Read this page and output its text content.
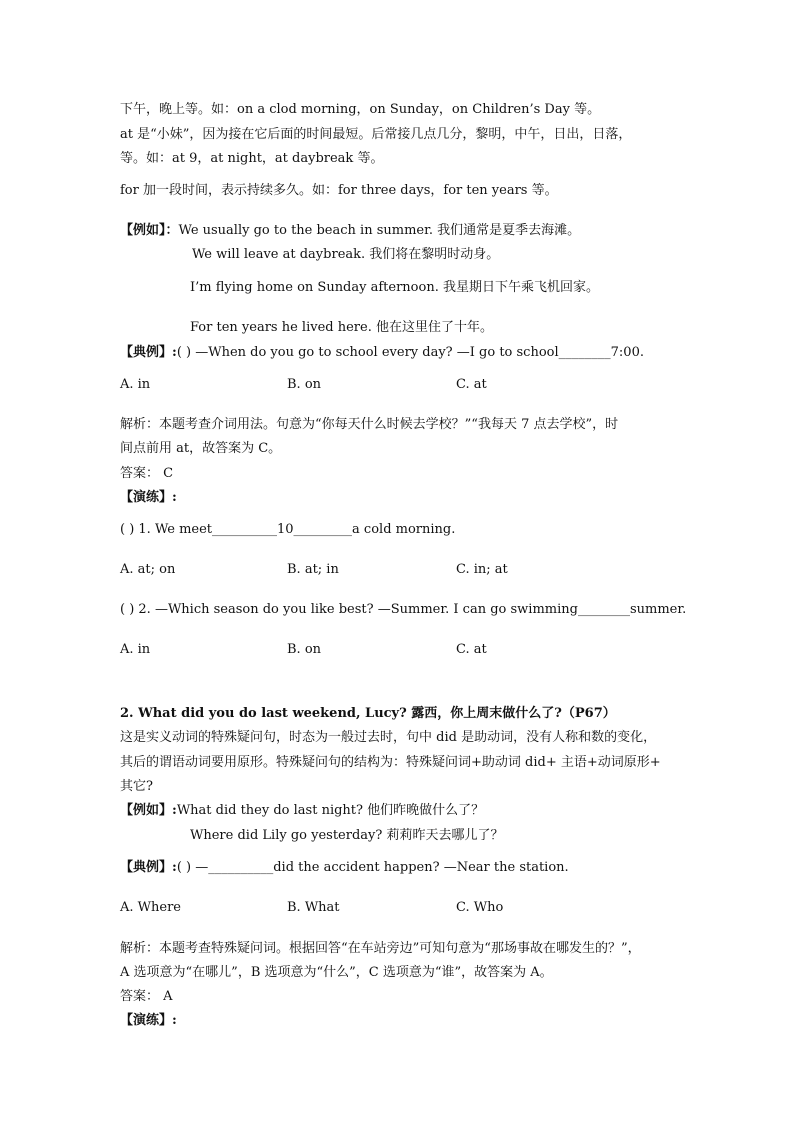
下午，晚上等。如：on a clod morning，on Sunday，on Children’s Day 等。
at 是“小妹”，因为接在它后面的时间最短。后常接几点几分，黎明，中午，日出，日落，
等。如：at 9，at night，at daybreak 等。
for 加一段时间，表示持续多久。如：for three days，for ten years 等。
【例如】：We usually go to the beach in summer. 我们通常是夏季去海滩。
We will leave at daybreak. 我们将在黎明时动身。
I’m flying home on Sunday afternoon. 我星期日下午乘飞机回家。
For ten years he lived here. 他在这里住了十年。
【典例】:( ) —When do you go to school every day? —I go to school________7:00.
A. in	B. on	C. at
解析：本题考查介词用法。句意为“你每天什么时候去学校？”“我每天 7 点去学校”，时
间点前用 at，故答案为 C。
答案： C
【演练】:
( ) 1. We meet__________10_________a cold morning.
A. at; on	B. at; in	C. in; at
( ) 2. —Which season do you like best? —Summer. I can go swimming________summer.
A. in	B. on	C. at
2. What did you do last weekend, Lucy? 露西，你上周末做什么了?（P67）
这是实义动词的特殊疑问句，时态为一般过去时，句中 did 是助动词，没有人称和数的变化，
其后的谓语动词要用原形。特殊疑问句的结构为：特殊疑问词+助动词 did+ 主语+动词原形+
其它?
【例如】:What did they do last night? 他们昨晚做什么了？
Where did Lily go yesterday? 莉莉昨天去哪儿了？
【典例】:( ) —__________did the accident happen? —Near the station.
A. Where	B. What	C. Who
解析：本题考查特殊疑问词。根据回答“在车站旁边”可知句意为“那场事故在哪发生的？”，
A 选项意为“在哪儿”，B 选项意为“什么”，C 选项意为“谁”，故答案为 A。
答案： A
【演练】:
